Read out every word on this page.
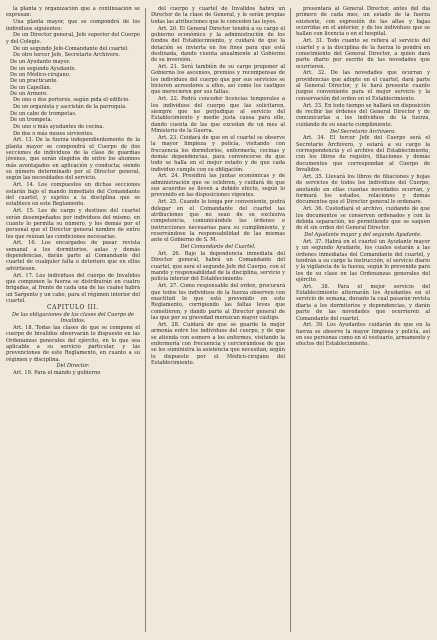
la planta y organización que a continuación se expresan:

Una planta mayor, que se compondrá de los individuos siguientes:

De un Director general, Jefe superior del Cuerpo y del Colegio.

De un segundo Jefe-Comandante del cuartel.

De otro tercer Jefe, Secretario Archivero.

De un Ayudante mayor.

De un segundo Ayudante.

De un Médico-cirujano.

De un practicante.

De un Capellán.

De un Armero.

De uno o dos porteros, según pida el edificio.

De un organista y sacristán de la parroquia.

De un cabo de trompetas.

De un trompeta.

De uno o más ayudantes de cocina.

De dos o más mozos sirvientes.

Art. 13. De la fuerza independientemente de la planta mayor se compondrá el Cuerpo de dos secciones de individuos de la clase de guardias jóvenes, que serán elegidos de entre los alumnos más aventajados en aplicación y conducta; siendo su número determinado por el Director general, según las necesidades del servicio.

Art. 14. Los compuestos en dichas secciones estarán bajo el mando inmediato del Comandante del cuartel, y sujetos a la disciplina que se establece en este Reglamento.

Art. 15. Los de cargo y destinos del cuartel serán desempeñados por individuos del mismo, en cuanto lo permita su número, y los demás por el personal que el Director general nombre de entre los que reúnan las condiciones necesarias.

Art. 16. Los encargados de pasar revista semanal a los dormitorios, aulas y demás dependencias, darán parte al Comandante del cuartel de cualquier falta o deterioro que en ellos advirtiesen.

Art. 17. Los individuos del cuerpo de Invalidos que componen la fuerza se distribuirán en cuatro brigadas, al frente de cada una de las cuales habrá un Sargento y un cabo, para el régimen interior del cuartel.

CAPITULO III.

De las obligaciones de las clases del Cuerpo de Invalidos.

Art. 18. Todas las clases de que se compone el cuerpo de Invalidos observarán lo dispuesto en las Ordenanzas generales del ejército, en lo que sea aplicable a su servicio particular, y las prevenciones de este Reglamento, en cuanto a su régimen y disciplina.

Del Director.

Art. 19. Para el mando y gobierno

del cuerpo y cuartel de Invalidos habrá un Director de la clase de General, y le serán propias todas las atribuciones que le conceden las leyes.

Art. 20. El General Director tendrá a su cargo el gobierno económico y la administración de los fondos del Establecimiento, y cuidará de que la dotación se invierta en los fines para que está destinada, dando cuenta anualmente al Gobierno de su inversión.

Art. 21. Será también de su cargo proponer al Gobierno los ascensos, premios y recompensas de los individuos del cuerpo que por sus servicios se hicieren acreedores a ellos, así como los castigos que merecieren por sus faltas.

Art. 22. Podrá conceder licencias temporales a los individuos del cuerpo que las solicitaren, siempre que no perjudique al servicio del Establecimiento y medie justa causa para ello, dando cuenta de las que excedan de un mes al Ministerio de la Guerra.

Art. 23. Cuidará de que en el cuartel se observe la mayor limpieza y policía, visitando con frecuencia los dormitorios, enfermería, cocinas y demás dependencias, para convencerse de que todo se halla en el mejor estado y de que cada individuo cumple con su obligación.

Art. 24. Presidirá las juntas económicas y de administración que se celebren, y cuidará de que sus acuerdos se lleven a debido efecto, según lo prevenido en las disposiciones vigentes.

Art. 25. Cuando lo tenga por conveniente, podrá delegar en el Comandante del cuartel las atribuciones que no sean de su exclusiva competencia, comunicándole las órdenes e instrucciones necesarias para su cumplimiento, y reservándose la responsabilidad de las mismas ante el Gobierno de S. M.

Del Comandante del Cuartel.

Art. 26. Bajo la dependencia inmediata del Director general, habrá un Comandante del cuartel, que será el segundo Jefe del Cuerpo, con el mando y responsabilidad de la disciplina, servicio y policía interior del Establecimiento.

Art. 27. Como responsable del orden, procurará que todos los individuos de la fuerza observen con exactitud lo que está prevenido en este Reglamento, corrigiendo las faltas leves que cometieren, y dando parte al Director general de las que por su gravedad merezcan mayor castigo.

Art. 28. Cuidará de que se guarde la mejor armonía entre los individuos del cuerpo, y de que se atienda con esmero a los enfermos, visitando la enfermería con frecuencia y cerciorándose de que se les suministra la asistencia que necesitan, según lo dispuesto por el Médico-cirujano del Establecimiento.

presentará al General Director, antes del día primero de cada mes, un estado de la fuerza existente, con expresión de las altas y bajas ocurridas en el anterior, y de los individuos que se hallan con licencia o en el hospital.

Art. 31. Todo cuanto se refiera al servicio del cuartel y a la disciplina de la fuerza lo pondrá en conocimiento del General Director, a quien dará parte diario por escrito de las novedades que ocurrieren.

Art. 32. De las novedades que ocurran y providencias que adopte en el cuartel, dará parte al General Director, y le hará presente cuanto juzgue conveniente para el mejor servicio y la conservación del orden en el Establecimiento.

Art. 33. En todo tiempo se hallará en disposición de recibir las órdenes del General Director y de comunicarlas a los individuos de la fuerza, cuidando de su exacto cumplimiento.

Del Secretario Archivero.

Art. 34. El tercer Jefe del Cuerpo será el Secretario Archivero, y estará a su cargo la correspondencia y el archivo del Establecimiento, con los libros de registro, filiaciones y demás documentos que correspondan al Cuerpo de Invalidos.

Art. 35. Llevará los libros de filiaciones y hojas de servicios de todos los individuos del Cuerpo, anotando en ellas cuantas novedades ocurran, y formará los estados, relaciones y demás documentos que el Director general le ordenare.

Art. 36. Custodiará el archivo, cuidando de que los documentos se conserven ordenados y con la debida separación, no permitiendo que se saquen de él sin orden del General Director.

Del Ayudante mayor y del segundo Ayudante.

Art. 37. Habrá en el cuartel un Ayudante mayor y un segundo Ayudante, los cuales estarán a las órdenes inmediatas del Comandante del cuartel, y tendrán a su cargo la instrucción, el servicio diario y la vigilancia de la fuerza, según lo prevenido para los de su clase en las Ordenanzas generales del ejército.

Art. 38. Para el mejor servicio del Establecimiento alternarán los Ayudantes en el servicio de semana, durante la cual pasarán revista diaria a los dormitorios y dependencias, y darán parte de las novedades que ocurrieren al Comandante del cuartel.

Art. 39. Los Ayudantes cuidarán de que en la fuerza se observe la mayor limpieza y policía, así en sus personas como en el vestuario, armamento y efectos del Establecimiento.
